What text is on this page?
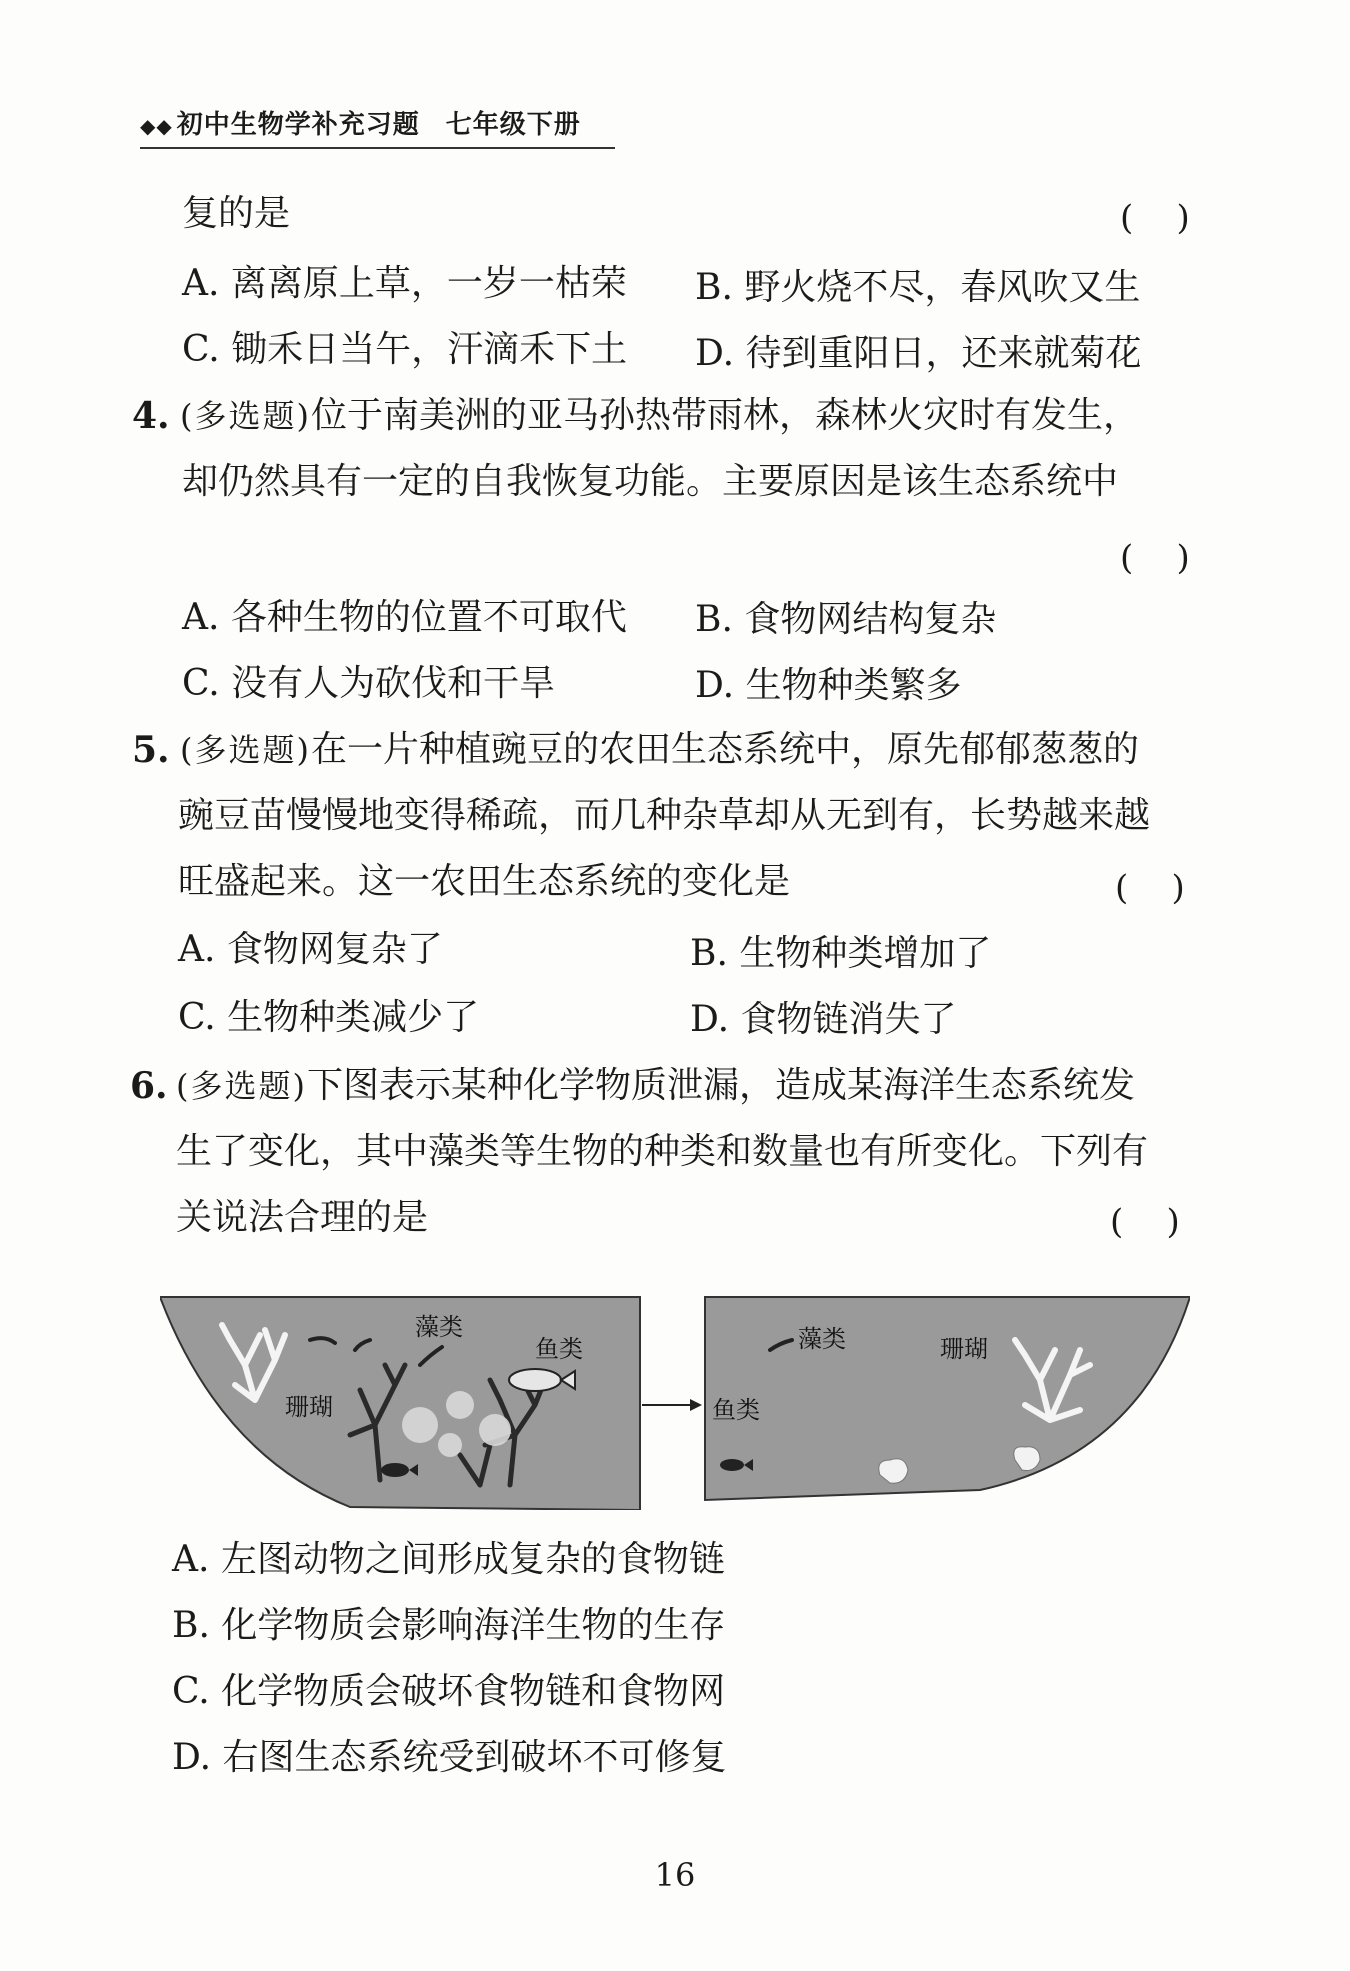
◆◆ 初中生物学补充习题 七年级下册
复的是	(    )
A. 离离原上草，一岁一枯荣 B. 野火烧不尽，春风吹又生
C. 锄禾日当午，汗滴禾下土 D. 待到重阳日，还来就菊花
4. (多选题)位于南美洲的亚马孙热带雨林，森林火灾时有发生，
却仍然具有一定的自我恢复功能。主要原因是该生态系统中
(    )
A. 各种生物的位置不可取代 B. 食物网结构复杂
C. 没有人为砍伐和干旱	D. 生物种类繁多
5. (多选题)在一片种植豌豆的农田生态系统中，原先郁郁葱葱的
豌豆苗慢慢地变得稀疏，而几种杂草却从无到有，长势越来越
旺盛起来。这一农田生态系统的变化是	(    )
A. 食物网复杂了	B. 生物种类增加了
C. 生物种类减少了	D. 食物链消失了
6. (多选题)下图表示某种化学物质泄漏，造成某海洋生态系统发
生了变化，其中藻类等生物的种类和数量也有所变化。下列有
关说法合理的是	(    )
藻类
鱼类
珊瑚
藻类	珊瑚
鱼类
A. 左图动物之间形成复杂的食物链
B. 化学物质会影响海洋生物的生存
C. 化学物质会破坏食物链和食物网
D. 右图生态系统受到破坏不可修复
16
